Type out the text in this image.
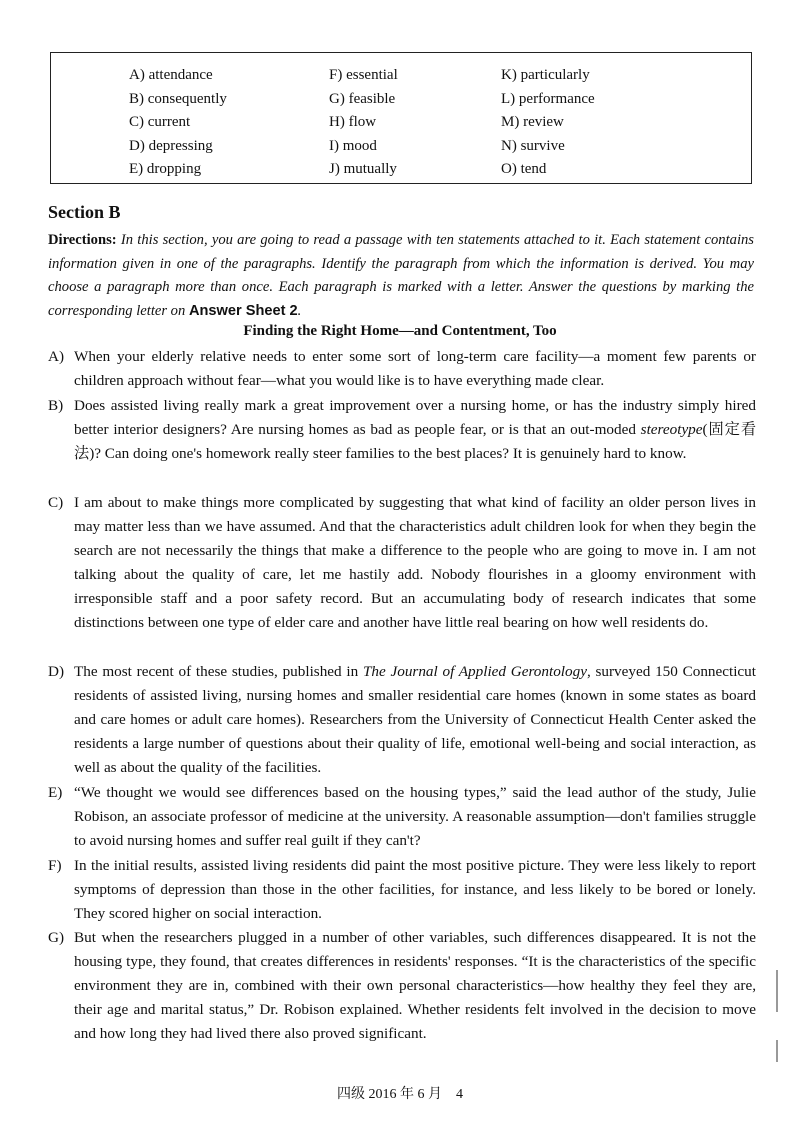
A) attendance
B) consequently
C) current
D) depressing
E) dropping
F) essential
G) feasible
H) flow
I) mood
J) mutually
K) particularly
L) performance
M) review
N) survive
O) tend
Section B
Directions: In this section, you are going to read a passage with ten statements attached to it. Each statement contains information given in one of the paragraphs. Identify the paragraph from which the information is derived. You may choose a paragraph more than once. Each paragraph is marked with a letter. Answer the questions by marking the corresponding letter on Answer Sheet 2.
Finding the Right Home—and Contentment, Too
A) When your elderly relative needs to enter some sort of long-term care facility—a moment few parents or children approach without fear—what you would like is to have everything made clear.
B) Does assisted living really mark a great improvement over a nursing home, or has the industry simply hired better interior designers? Are nursing homes as bad as people fear, or is that an out-moded stereotype(固定看法)? Can doing one's homework really steer families to the best places? It is genuinely hard to know.
C) I am about to make things more complicated by suggesting that what kind of facility an older person lives in may matter less than we have assumed. And that the characteristics adult children look for when they begin the search are not necessarily the things that make a difference to the people who are going to move in. I am not talking about the quality of care, let me hastily add. Nobody flourishes in a gloomy environment with irresponsible staff and a poor safety record. But an accumulating body of research indicates that some distinctions between one type of elder care and another have little real bearing on how well residents do.
D) The most recent of these studies, published in The Journal of Applied Gerontology, surveyed 150 Connecticut residents of assisted living, nursing homes and smaller residential care homes (known in some states as board and care homes or adult care homes). Researchers from the University of Connecticut Health Center asked the residents a large number of questions about their quality of life, emotional well-being and social interaction, as well as about the quality of the facilities.
E) “We thought we would see differences based on the housing types,” said the lead author of the study, Julie Robison, an associate professor of medicine at the university. A reasonable assumption—don't families struggle to avoid nursing homes and suffer real guilt if they can't?
F) In the initial results, assisted living residents did paint the most positive picture. They were less likely to report symptoms of depression than those in the other facilities, for instance, and less likely to be bored or lonely. They scored higher on social interaction.
G) But when the researchers plugged in a number of other variables, such differences disappeared. It is not the housing type, they found, that creates differences in residents' responses. “It is the characteristics of the specific environment they are in, combined with their own personal characteristics—how healthy they feel they are, their age and marital status,” Dr. Robison explained. Whether residents felt involved in the decision to move and how long they had lived there also proved significant.
四级 2016 年 6 月　4
